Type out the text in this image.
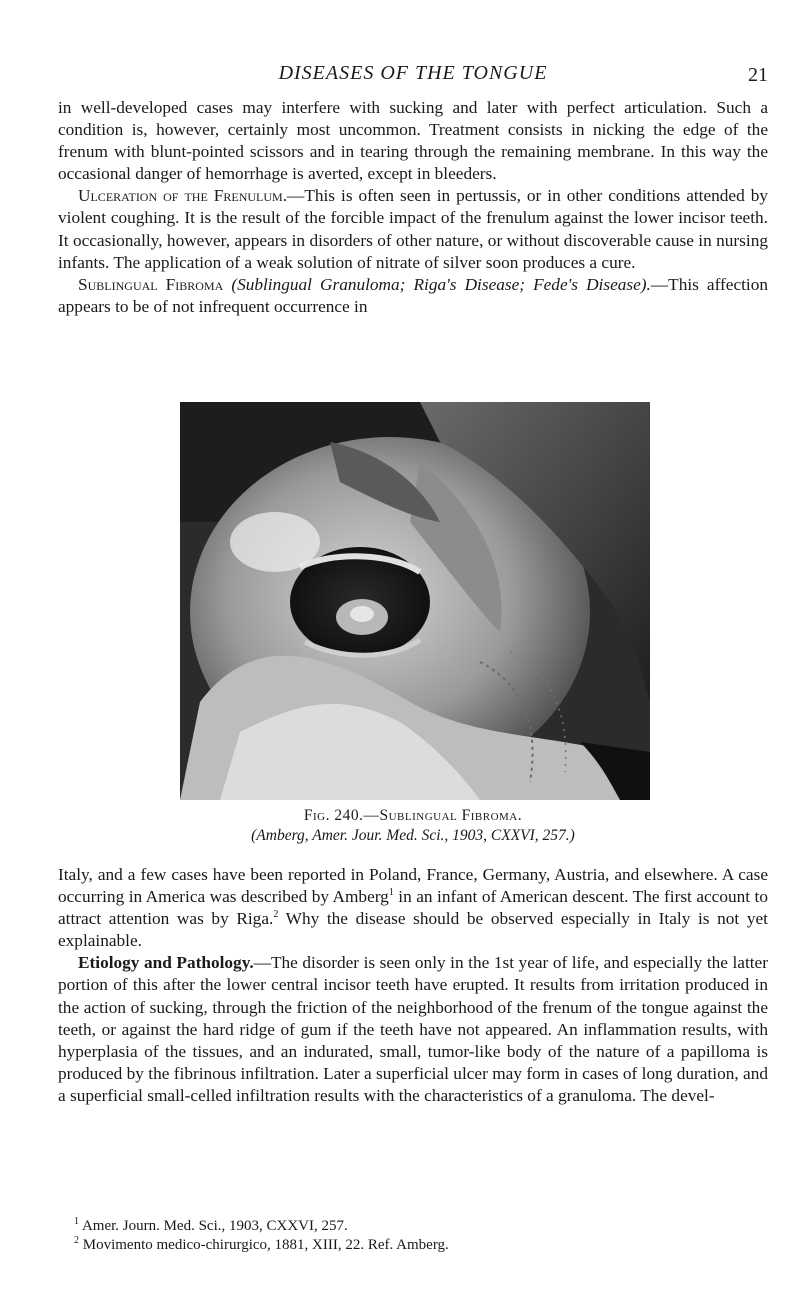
DISEASES OF THE TONGUE	21

in well-developed cases may interfere with sucking and later with perfect articulation. Such a condition is, however, certainly most uncommon. Treatment consists in nicking the edge of the frenum with blunt-pointed scissors and in tearing through the remaining membrane. In this way the occasional danger of hemorrhage is averted, except in bleeders.

Ulceration of the Frenulum.—This is often seen in pertussis, or in other conditions attended by violent coughing. It is the result of the forcible impact of the frenulum against the lower incisor teeth. It occasionally, however, appears in disorders of other nature, or without discoverable cause in nursing infants. The application of a weak solution of nitrate of silver soon produces a cure.

Sublingual Fibroma (Sublingual Granuloma; Riga's Disease; Fede's Disease).—This affection appears to be of not infrequent occurrence in

Fig. 240.—Sublingual Fibroma.
(Amberg, Amer. Jour. Med. Sci., 1903, CXXVI, 257.)

Italy, and a few cases have been reported in Poland, France, Germany, Austria, and elsewhere. A case occurring in America was described by Amberg$^1$ in an infant of American descent. The first account to attract attention was by Riga.$^2$ Why the disease should be observed especially in Italy is not yet explainable.

Etiology and Pathology.—The disorder is seen only in the 1st year of life, and especially the latter portion of this after the lower central incisor teeth have erupted. It results from irritation produced in the action of sucking, through the friction of the neighborhood of the frenum of the tongue against the teeth, or against the hard ridge of gum if the teeth have not appeared. An inflammation results, with hyperplasia of the tissues, and an indurated, small, tumor-like body of the nature of a papilloma is produced by the fibrinous infiltration. Later a superficial ulcer may form in cases of long duration, and a superficial small-celled infiltration results with the characteristics of a granuloma. The devel-

$^1$ Amer. Journ. Med. Sci., 1903, CXXVI, 257.

$^2$ Movimento medico-chirurgico, 1881, XIII, 22. Ref. Amberg.
